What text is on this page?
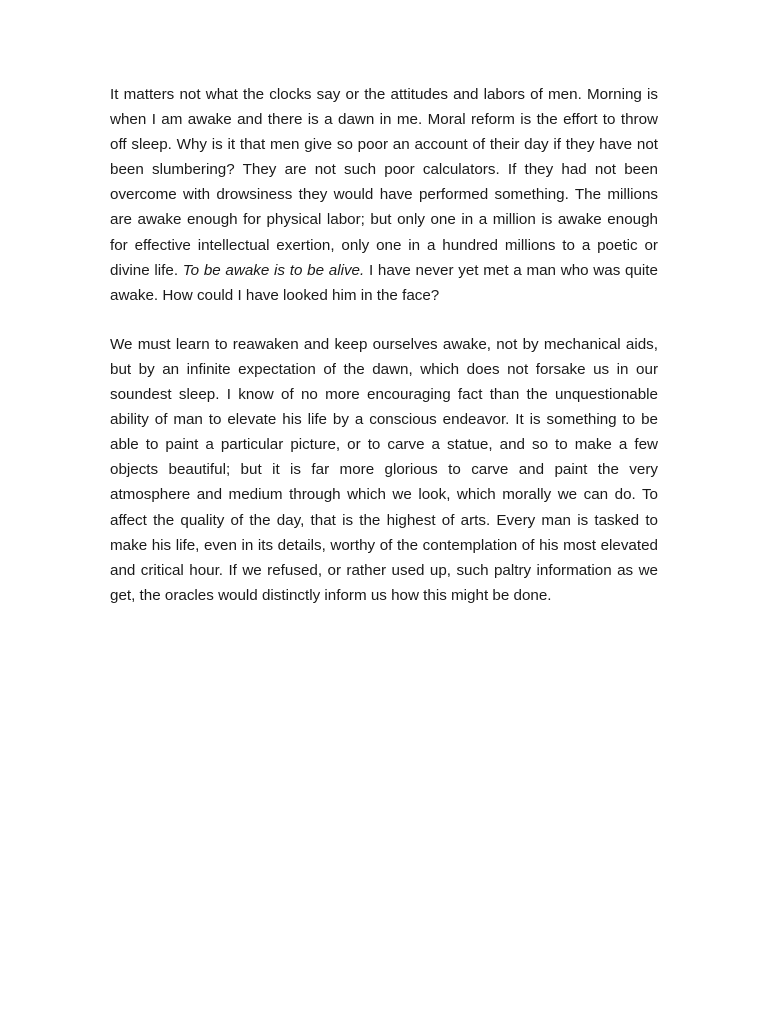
It matters not what the clocks say or the attitudes and labors of men. Morning is when I am awake and there is a dawn in me. Moral reform is the effort to throw off sleep. Why is it that men give so poor an account of their day if they have not been slumbering? They are not such poor calculators. If they had not been overcome with drowsiness they would have performed something. The millions are awake enough for physical labor; but only one in a million is awake enough for effective intellectual exertion, only one in a hundred millions to a poetic or divine life. To be awake is to be alive. I have never yet met a man who was quite awake. How could I have looked him in the face?

We must learn to reawaken and keep ourselves awake, not by mechanical aids, but by an infinite expectation of the dawn, which does not forsake us in our soundest sleep. I know of no more encouraging fact than the unquestionable ability of man to elevate his life by a conscious endeavor. It is something to be able to paint a particular picture, or to carve a statue, and so to make a few objects beautiful; but it is far more glorious to carve and paint the very atmosphere and medium through which we look, which morally we can do. To affect the quality of the day, that is the highest of arts. Every man is tasked to make his life, even in its details, worthy of the contemplation of his most elevated and critical hour. If we refused, or rather used up, such paltry information as we get, the oracles would distinctly inform us how this might be done.
